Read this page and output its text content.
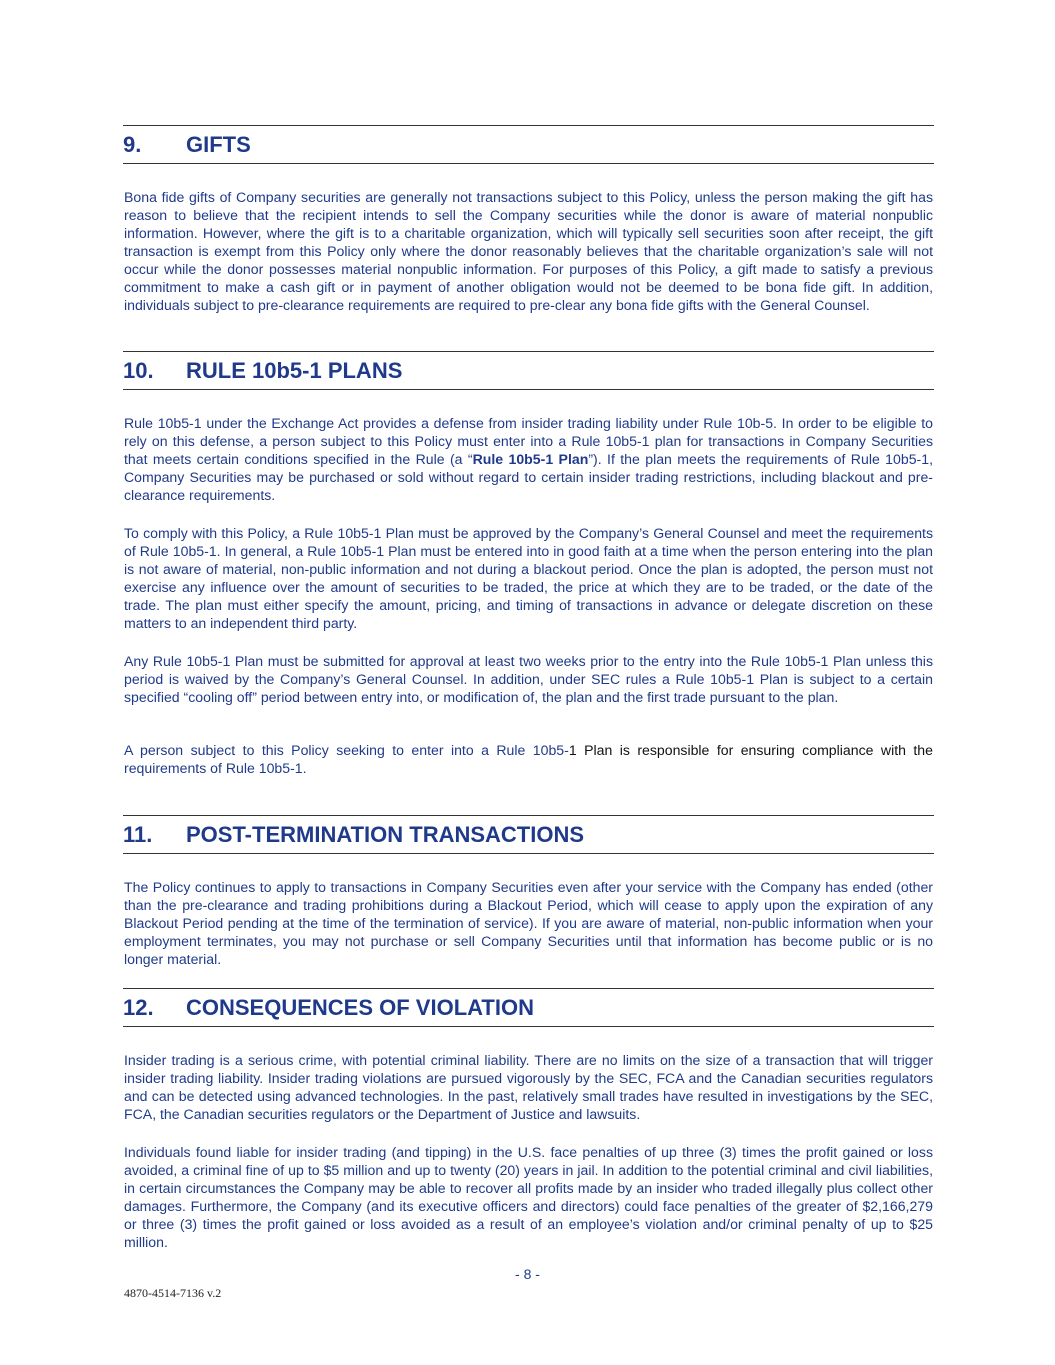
9.	GIFTS

Bona fide gifts of Company securities are generally not transactions subject to this Policy, unless the person making the gift has reason to believe that the recipient intends to sell the Company securities while the donor is aware of material nonpublic information. However, where the gift is to a charitable organization, which will typically sell securities soon after receipt, the gift transaction is exempt from this Policy only where the donor reasonably believes that the charitable organization’s sale will not occur while the donor possesses material nonpublic information. For purposes of this Policy, a gift made to satisfy a previous commitment to make a cash gift or in payment of another obligation would not be deemed to be bona fide gift. In addition, individuals subject to pre-clearance requirements are required to pre-clear any bona fide gifts with the General Counsel.

10.	RULE 10b5-1 PLANS

Rule 10b5-1 under the Exchange Act provides a defense from insider trading liability under Rule 10b-5. In order to be eligible to rely on this defense, a person subject to this Policy must enter into a Rule 10b5-1 plan for transactions in Company Securities that meets certain conditions specified in the Rule (a “Rule 10b5-1 Plan”). If the plan meets the requirements of Rule 10b5-1, Company Securities may be purchased or sold without regard to certain insider trading restrictions, including blackout and pre-clearance requirements.

To comply with this Policy, a Rule 10b5-1 Plan must be approved by the Company’s General Counsel and meet the requirements of Rule 10b5-1. In general, a Rule 10b5-1 Plan must be entered into in good faith at a time when the person entering into the plan is not aware of material, non-public information and not during a blackout period. Once the plan is adopted, the person must not exercise any influence over the amount of securities to be traded, the price at which they are to be traded, or the date of the trade. The plan must either specify the amount, pricing, and timing of transactions in advance or delegate discretion on these matters to an independent third party.

Any Rule 10b5-1 Plan must be submitted for approval at least two weeks prior to the entry into the Rule 10b5-1 Plan unless this period is waived by the Company’s General Counsel. In addition, under SEC rules a Rule 10b5-1 Plan is subject to a certain specified “cooling off” period between entry into, or modification of, the plan and the first trade pursuant to the plan.

A person subject to this Policy seeking to enter into a Rule 10b5-1 Plan is responsible for ensuring compliance with the requirements of Rule 10b5-1.

11.	POST-TERMINATION TRANSACTIONS

The Policy continues to apply to transactions in Company Securities even after your service with the Company has ended (other than the pre-clearance and trading prohibitions during a Blackout Period, which will cease to apply upon the expiration of any Blackout Period pending at the time of the termination of service). If you are aware of material, non-public information when your employment terminates, you may not purchase or sell Company Securities until that information has become public or is no longer material.

12.	CONSEQUENCES OF VIOLATION

Insider trading is a serious crime, with potential criminal liability. There are no limits on the size of a transaction that will trigger insider trading liability. Insider trading violations are pursued vigorously by the SEC, FCA and the Canadian securities regulators and can be detected using advanced technologies. In the past, relatively small trades have resulted in investigations by the SEC, FCA, the Canadian securities regulators or the Department of Justice and lawsuits.

Individuals found liable for insider trading (and tipping) in the U.S. face penalties of up three (3) times the profit gained or loss avoided, a criminal fine of up to $5 million and up to twenty (20) years in jail. In addition to the potential criminal and civil liabilities, in certain circumstances the Company may be able to recover all profits made by an insider who traded illegally plus collect other damages. Furthermore, the Company (and its executive officers and directors) could face penalties of the greater of $2,166,279 or three (3) times the profit gained or loss avoided as a result of an employee’s violation and/or criminal penalty of up to $25 million.

- 8 -
4870-4514-7136 v.2
